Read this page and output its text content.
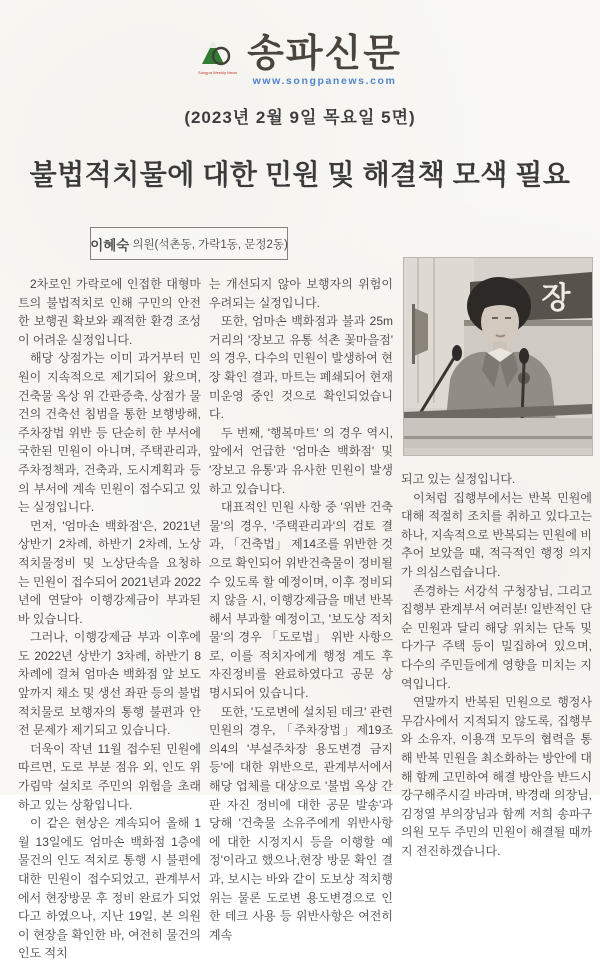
Songpa Weekly News 송파신문
www.songpanews.com
(2023년 2월 9일 목요일 5면)
불법적치물에 대한 민원 및 해결책 모색 필요
이혜숙 의원(석촌동, 가락1동, 문정2동)
장

2차로인 가락로에 인접한 대형마트의 불법적치로 인해 구민의 안전한 보행권 확보와 쾌적한 환경 조성이 어려운 실정입니다.

해당 상점가는 이미 과거부터 민원이 지속적으로 제기되어 왔으며, 건축물 옥상 위 간판증축, 상점가 물건의 건축선 침범을 통한 보행방해, 주차장법 위반 등 단순히 한 부서에 국한된 민원이 아니며, 주택관리과, 주차정책과, 건축과, 도시계획과 등의 부서에 계속 민원이 접수되고 있는 실정입니다.

먼저, '엄마손 백화점'은, 2021년 상반기 2차례, 하반기 2차례, 노상적치물정비 및 노상단속을 요청하는 민원이 접수되어 2021년과 2022년에 연달아 이행강제금이 부과된 바 있습니다.

그러나, 이행강제금 부과 이후에도 2022년 상반기 3차례, 하반기 8차례에 걸쳐 엄마손 백화점 앞 보도 앞까지 채소 및 생선 좌판 등의 불법 적치물로 보행자의 통행 불편과 안전 문제가 제기되고 있습니다.

더욱이 작년 11월 접수된 민원에 따르면, 도로 부분 점유 외, 인도 위 가림막 설치로 주민의 위험을 초래하고 있는 상황입니다.

이 같은 현상은 계속되어 올해 1월 13일에도 엄마손 백화점 1층에 물건의 인도 적치로 통행 시 불편에 대한 민원이 접수되었고, 관계부서에서 현장방문 후 정비 완료가 되었다고 하였으나, 지난 19일, 본 의원이 현장을 확인한 바, 여전히 물건의 인도 적치

는 개선되지 않아 보행자의 위험이 우려되는 실정입니다.

또한, 엄마손 백화점과 불과 25m 거리의 '장보고 유통 석촌 꽃마을점' 의 경우, 다수의 민원이 발생하여 현장 확인 결과, 마트는 폐쇄되어 현재 미운영 중인 것으로 확인되었습니다.

두 번째, '행복마트' 의 경우 역시, 앞에서 언급한 '엄마손 백화점' 및 '장보고 유통'과 유사한 민원이 발생하고 있습니다.

대표적인 민원 사항 중 '위반 건축물'의 경우, '주택관리과'의 검토 결과, 「건축법」 제14조를 위반한 것으로 확인되어 위반건축물이 정비될 수 있도록 할 예정이며, 이후 정비되지 않을 시, 이행강제금을 매년 반복해서 부과할 예정이고, '보도상 적치물'의 경우 「도로법」 위반 사항으로, 이를 적치자에게 행정 계도 후 자진정비를 완료하였다고 공문 상 명시되어 있습니다.

또한, '도로변에 설치된 데크' 관련 민원의 경우, 「주차장법」제19조의4의 '부설주차장 용도변경 금지 등'에 대한 위반으로, 관계부서에서 해당 업체를 대상으로 '불법 옥상 간판 자진 정비에 대한 공문 발송'과 당해 '건축물 소유주에게 위반사항에 대한 시정지시 등을 이행할 예정'이라고 했으나,현장 방문 확인 결과, 보시는 바와 같이 도보상 적치행위는 물론 도로변 용도변경으로 인한 데크 사용 등 위반사항은 여전히 계속

되고 있는 실정입니다.

이처럼 집행부에서는 반복 민원에 대해 적절히 조치를 취하고 있다고는 하나, 지속적으로 반복되는 민원에 비추어 보았을 때, 적극적인 행정 의지가 의심스럽습니다.

존경하는 서강석 구청장님, 그리고 집행부 관계부서 여러분! 일반적인 단순 민원과 달리 해당 위치는 단독 및 다가구 주택 등이 밀집하여 있으며, 다수의 주민들에게 영향을 미치는 지역입니다.

연말까지 반복된 민원으로 행정사무감사에서 지적되지 않도록, 집행부와 소유자, 이용객 모두의 협력을 통해 반복 민원을 최소화하는 방안에 대해 함께 고민하여 해결 방안을 반드시 강구해주시길 바라며, 박경래 의장님, 김정열 부의장님과 함께 저희 송파구의원 모두 주민의 민원이 해결될 때까지 전진하겠습니다.
